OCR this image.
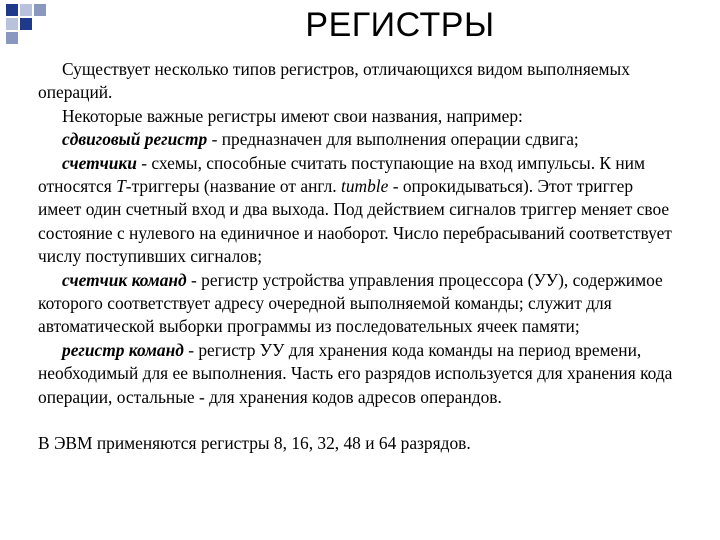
РЕГИСТРЫ

Существует несколько типов регистров, отличающихся видом выполняемых операций.

Некоторые важные регистры имеют свои названия, например:

сдвиговый регистр - предназначен для выполнения операции сдвига;

счетчики - схемы, способные считать поступающие на вход импульсы. К ним относятся Т-триггеры (название от англ. tumble - опрокидываться). Этот триггер имеет один счетный вход и два выхода. Под действием сигналов триггер меняет свое состояние с нулевого на единичное и наоборот. Число перебрасываний соответствует числу поступивших сигналов;

счетчик команд - регистр устройства управления процессора (УУ), содержимое которого соответствует адресу очередной выполняемой команды; служит для автоматической выборки программы из последовательных ячеек памяти;

регистр команд - регистр УУ для хранения кода команды на период времени, необходимый для ее выполнения. Часть его разрядов используется для хранения кода операции, остальные - для хранения кодов адресов операндов.

В ЭВМ применяются регистры 8, 16, 32, 48 и 64 разрядов.
